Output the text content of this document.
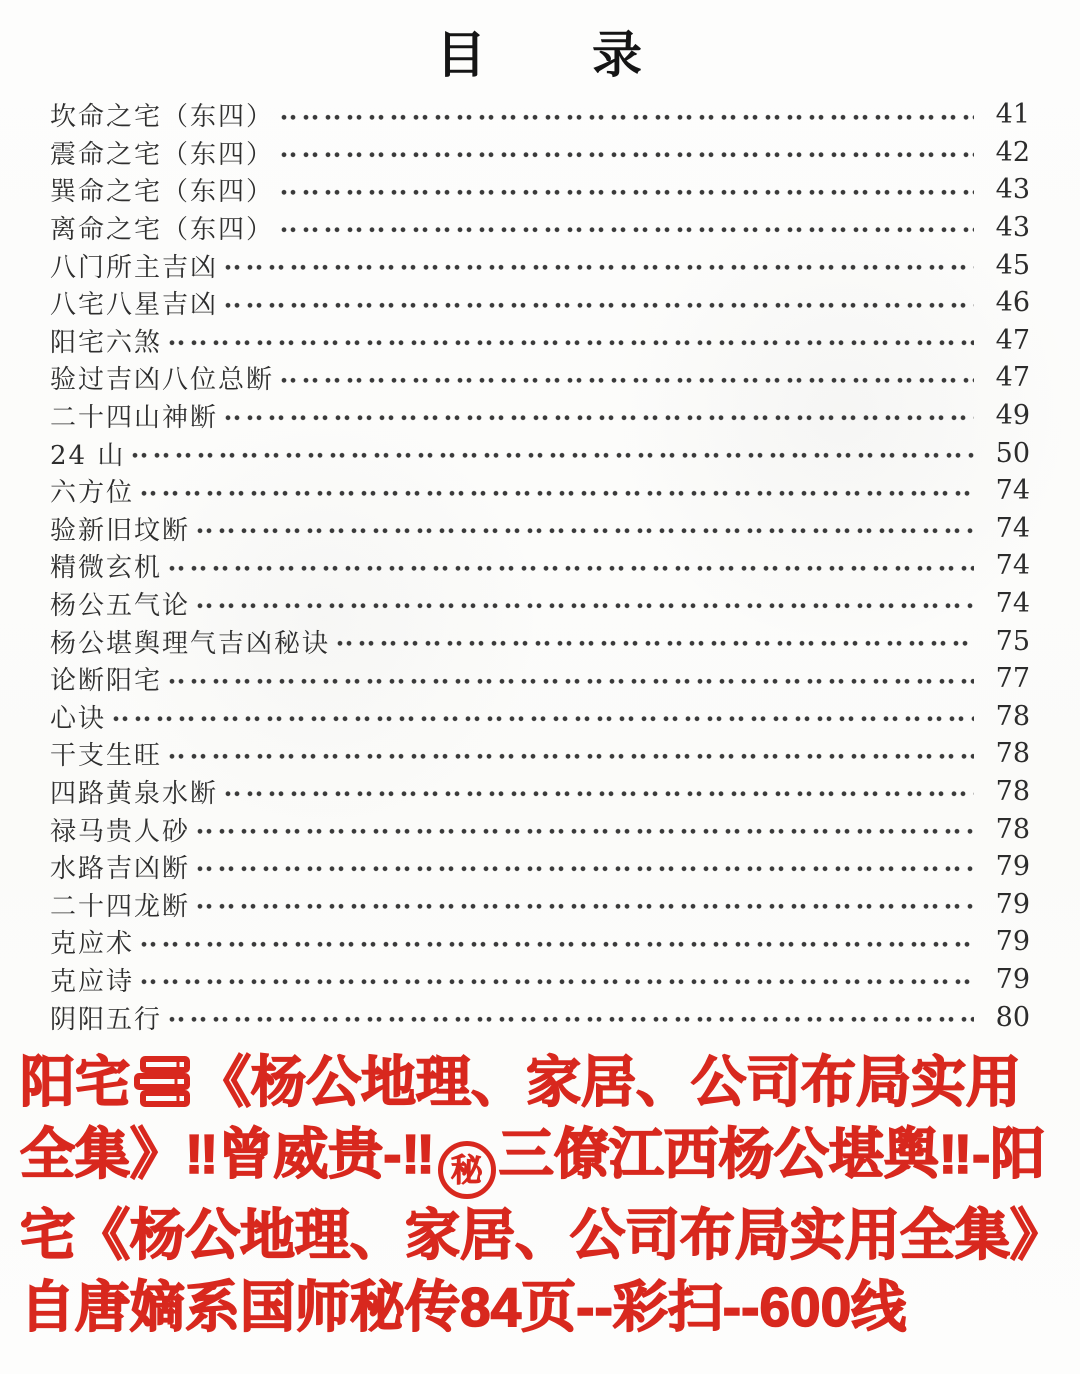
目　　录
坎命之宅（东四）	41
震命之宅（东四）	42
巽命之宅（东四）	43
离命之宅（东四）	43
八门所主吉凶	45
八宅八星吉凶	46
阳宅六煞	47
验过吉凶八位总断	47
二十四山神断	49
24 山	50
六方位	74
验新旧坟断	74
精微玄机	74
杨公五气论	74
杨公堪舆理气吉凶秘诀	75
论断阳宅	77
心诀	78
干支生旺	78
四路黄泉水断	78
禄马贵人砂	78
水路吉凶断	79
二十四龙断	79
克应术	79
克应诗	79
阴阳五行	80
阳宅 《杨公地理、家居、公司布局实用
全集》‼曾威贵-‼ 秘 三僚江西杨公堪舆‼-阳
宅《杨公地理、家居、公司布局实用全集》
自唐嫡系国师秘传84页--彩扫--600线
